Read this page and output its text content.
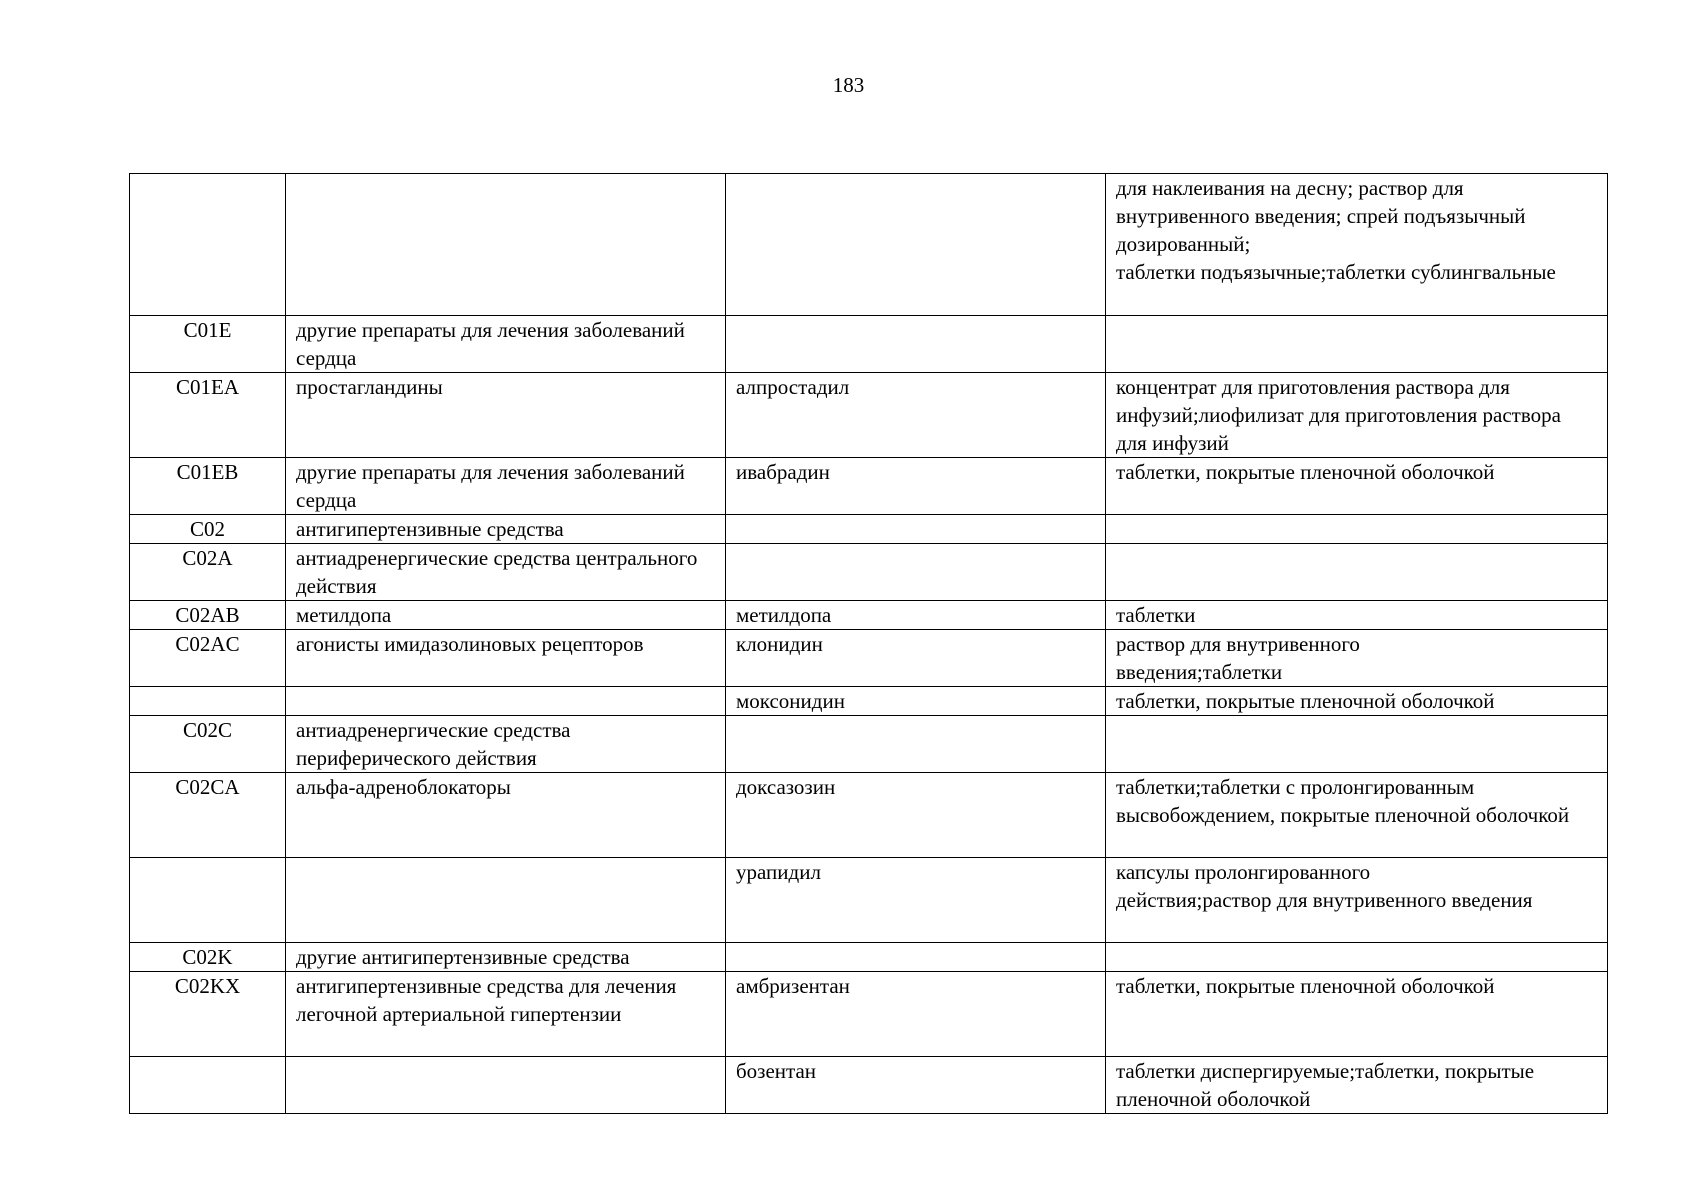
183
			для наклеивания на десну; раствор для внутривенного введения; спрей подъязычный дозированный;
таблетки подъязычные;таблетки сублингвальные
C01E	другие препараты для лечения заболеваний сердца		
C01EA	простагландины	алпростадил	концентрат для приготовления раствора для инфузий;лиофилизат для приготовления раствора для инфузий
C01EB	другие препараты для лечения заболеваний сердца	ивабрадин	таблетки, покрытые пленочной оболочкой
C02	антигипертензивные средства		
C02A	антиадренергические средства центрального действия		
C02AB	метилдопа	метилдопа	таблетки
C02AC	агонисты имидазолиновых рецепторов	клонидин	раствор для внутривенного
введения;таблетки
		моксонидин	таблетки, покрытые пленочной оболочкой
C02C	антиадренергические средства периферического действия		
C02CA	альфа-адреноблокаторы	доксазозин	таблетки;таблетки с пролонгированным высвобождением, покрытые пленочной оболочкой
		урапидил	капсулы пролонгированного
действия;раствор для внутривенного введения
C02K	другие антигипертензивные средства		
C02KX	антигипертензивные средства для лечения легочной артериальной гипертензии	амбризентан	таблетки, покрытые пленочной оболочкой
		бозентан	таблетки диспергируемые;таблетки, покрытые пленочной оболочкой
